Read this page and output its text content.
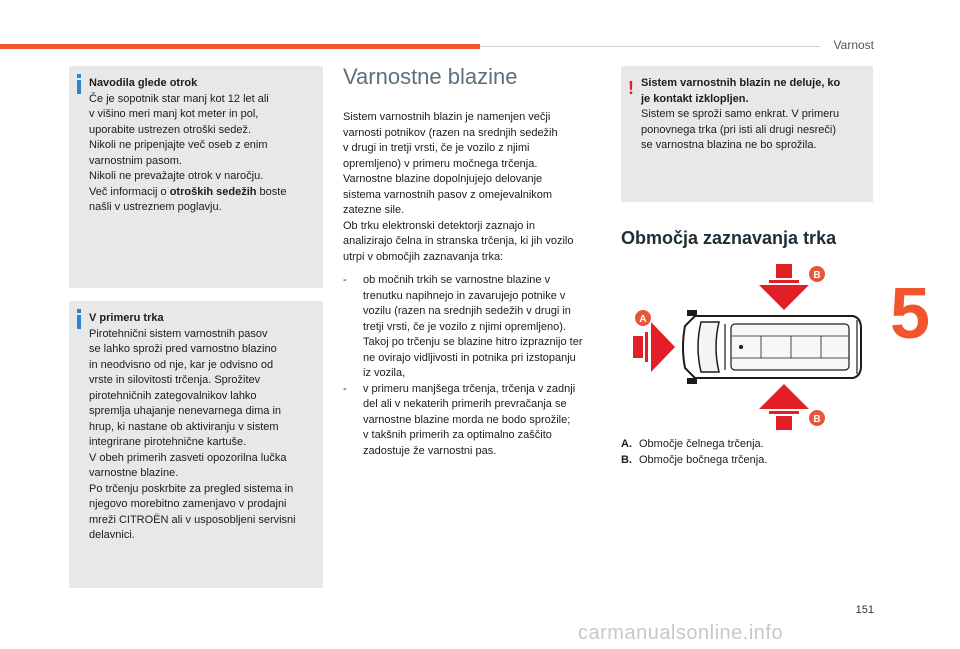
Varnost
5

Navodila glede otrok

Če je sopotnik star manj kot 12 let ali

v višino meri manj kot meter in pol,

uporabite ustrezen otroški sedež.

Nikoli ne pripenjajte več oseb z enim

varnostnim pasom.

Nikoli ne prevažajte otrok v naročju.

Več informacij o otroških sedežih boste

našli v ustreznem poglavju.

V primeru trka

Pirotehnični sistem varnostnih pasov

se lahko sproži pred varnostno blazino

in neodvisno od nje, kar je odvisno od

vrste in silovitosti trčenja. Sprožitev

pirotehničnih zategovalnikov lahko

spremlja uhajanje nenevarnega dima in

hrup, ki nastane ob aktiviranju v sistem

integrirane pirotehnične kartuše.

V obeh primerih zasveti opozorilna lučka

varnostne blazine.

Po trčenju poskrbite za pregled sistema in

njegovo morebitno zamenjavo v prodajni

mreži CITROËN ali v usposobljeni servisni

delavnici.

Varnostne blazine

Sistem varnostnih blazin je namenjen večji

varnosti potnikov (razen na srednjih sedežih

v drugi in tretji vrsti, če je vozilo z njimi

opremljeno) v primeru močnega trčenja.

Varnostne blazine dopolnjujejo delovanje

sistema varnostnih pasov z omejevalnikom

zatezne sile.

Ob trku elektronski detektorji zaznajo in

analizirajo čelna in stranska trčenja, ki jih vozilo

utrpi v območjih zaznavanja trka:

- ob močnih trkih se varnostne blazine v
trenutku napihnejo in zavarujejo potnike v
vozilu (razen na srednjih sedežih v drugi in
tretji vrsti, če je vozilo z njimi opremljeno).
Takoj po trčenju se blazine hitro izpraznijo ter
ne ovirajo vidljivosti in potnika pri izstopanju
iz vozila,
- v primeru manjšega trčenja, trčenja v zadnji
del ali v nekaterih primerih prevračanja se
varnostne blazine morda ne bodo sprožile;
v takšnih primerih za optimalno zaščito
zadostuje že varnostni pas.
! Sistem varnostnih blazin ne deluje, ko

je kontakt izklopljen.

Sistem se sproži samo enkrat. V primeru

ponovnega trka (pri isti ali drugi nesreči)

se varnostna blazina ne bo sprožila.

Območja zaznavanja trka
A
B
B
A. Območje čelnega trčenja.
B. Območje bočnega trčenja.
151
carmanualsonline.info
